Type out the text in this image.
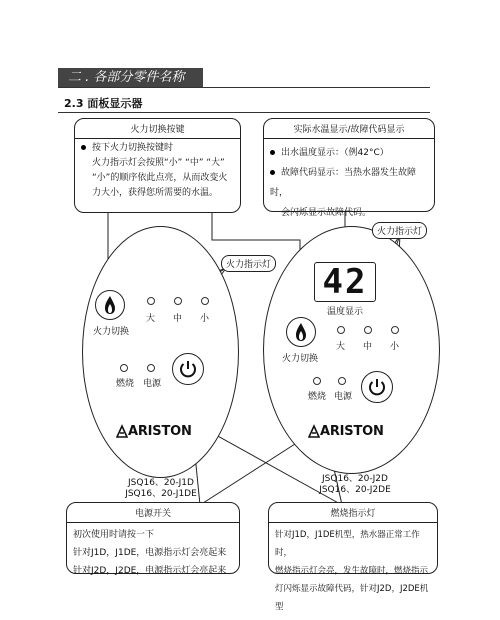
二 . 各部分零件名称
2.3 面板显示器
火力切换按键
按下火力切换按键时
火力指示灯会按照“小” “中” “大”
“小”的顺序依此点亮，从而改变火
力大小，获得您所需要的水温。
实际水温显示/故障代码显示
出水温度显示：（例42°C）
故障代码显示：当热水器发生故障时，
会闪烁显示故障代码。
火力指示灯
火力切换
大 中 小
燃烧 电源
ARISTON
JSQ16、20-J1D
JSQ16、20-J1DE
火力指示灯
42
温度显示
火力切换
大 中 小
燃烧 电源
ARISTON
JSQ16、20-J2D
JSQ16、20-J2DE
电源开关
初次使用时请按一下
针对J1D，J1DE，电源指示灯会亮起来
针对J2D，J2DE，电源指示灯会亮起来
燃烧指示灯
针对J1D，J1DE机型，热水器正常工作时，
燃烧指示灯会亮，发生故障时，燃烧指示
灯闪烁显示故障代码，针对J2D，J2DE机型
